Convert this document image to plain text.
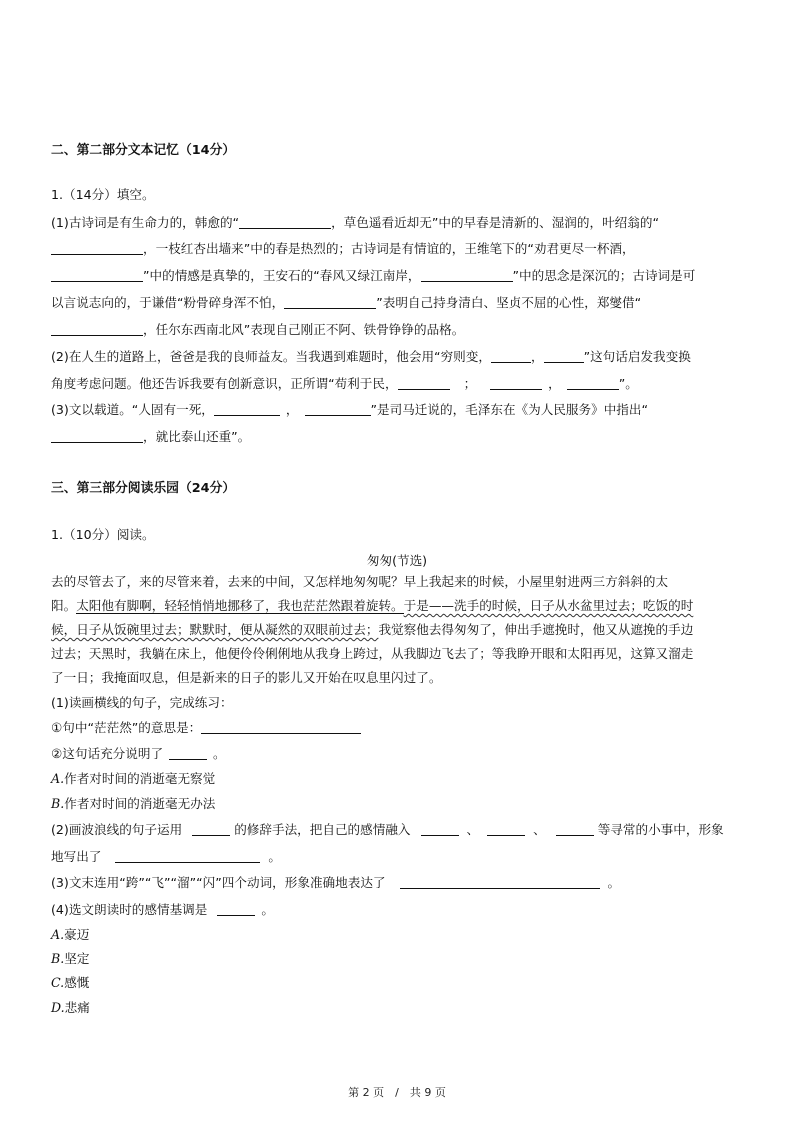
二、第二部分文本记忆（14分）
1.（14分）填空。
(1)古诗词是有生命力的，韩愈的“	，草色遥看近却无”中的早春是清新的、湿润的，叶绍翁的“
，一枝红杏出墙来”中的春是热烈的；古诗词是有情谊的，王维笔下的“劝君更尽一杯酒，
”中的情感是真挚的，王安石的“春风又绿江南岸，	”中的思念是深沉的；古诗词是可
以言说志向的，于谦借“粉骨碎身浑不怕，	”表明自己持身清白、坚贞不屈的心性，郑燮借“
，任尔东西南北风”表现自己刚正不阿、铁骨铮铮的品格。
(2)在人生的道路上，爸爸是我的良师益友。当我遇到难题时，他会用“穷则变，	，	”这句话启发我变换
角度考虑问题。他还告诉我要有创新意识，正所谓“苟利于民，	；	，	”。
(3)文以载道。“人固有一死，	，	”是司马迁说的，毛泽东在《为人民服务》中指出“
，就比泰山还重”。
三、第三部分阅读乐园（24分）
1.（10分）阅读。
匆匆(节选)
去的尽管去了，来的尽管来着，去来的中间，又怎样地匆匆呢？早上我起来的时候，小屋里射进两三方斜斜的太
阳。太阳他有脚啊，轻轻悄悄地挪移了，我也茫茫然跟着旋转。于是——洗手的时候，日子从水盆里过去；吃饭的时
候，日子从饭碗里过去；默默时，便从凝然的双眼前过去；我觉察他去得匆匆了，伸出手遮挽时，他又从遮挽的手边
过去；天黑时，我躺在床上，他便伶伶俐俐地从我身上跨过，从我脚边飞去了；等我睁开眼和太阳再见，这算又溜走
了一日；我掩面叹息，但是新来的日子的影儿又开始在叹息里闪过了。
(1)读画横线的句子，完成练习：
①句中“茫茫然”的意思是：
②这句话充分说明了	。
A.作者对时间的消逝毫无察觉
B.作者对时间的消逝毫无办法
(2)画波浪线的句子运用	的修辞手法，把自己的感情融入	、	、	等寻常的小事中，形象
地写出了	。
(3)文末连用“跨”“飞”“溜”“闪”四个动词，形象准确地表达了	。
(4)选文朗读时的感情基调是	。
A.豪迈
B.坚定
C.感慨
D.悲痛
第 2 页　/　共 9 页
